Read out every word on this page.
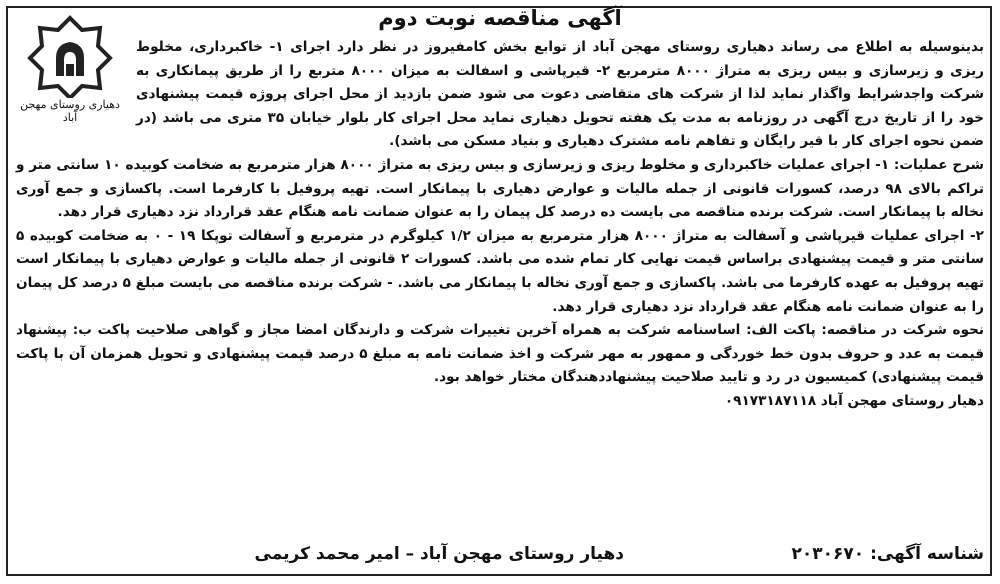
آگهی مناقصه نوبت دوم
دهیاری روستای مهجن آباد

بدینوسیله به اطلاع می رساند دهیاری روستای مهجن آباد از توابع بخش کامفیروز در نظر دارد اجرای ۱- خاکبرداری، مخلوط ریزی و زیرسازی و بیس ریزی به متراژ ۸۰۰۰ مترمربع ۲- قیرپاشی و اسفالت به میزان ۸۰۰۰ متربع را از طریق پیمانکاری به شرکت واجدشرایط واگذار نماید لذا از شرکت های متقاضی دعوت می شود ضمن بازدید از محل اجرای پروژه قیمت پیشنهادی خود را از تاریخ درج آگهی در روزنامه به مدت یک هفته تحویل دهیاری نماید محل اجرای کار بلوار خیابان ۳۵ متری می باشد (در ضمن نحوه اجرای کار با قیر رایگان و تفاهم نامه مشترک دهیاری و بنیاد مسکن می باشد).

شرح عملیات: ۱- اجرای عملیات خاکبرداری و مخلوط ریزی و زیرسازی و بیس ریزی به متراژ ۸۰۰۰ هزار مترمربع به ضخامت کوبیده ۱۰ سانتی متر و تراکم بالای ۹۸ درصد، کسورات قانونی از جمله مالیات و عوارض دهیاری با پیمانکار است. تهیه پروفیل با کارفرما است. پاکسازی و جمع آوری نخاله با پیمانکار است. شرکت برنده مناقصه می بایست ده درصد کل پیمان را به عنوان ضمانت نامه هنگام عقد قرارداد نزد دهیاری قرار دهد.

۲- اجرای عملیات قیرپاشی و آسفالت به متراژ ۸۰۰۰ هزار مترمربع به میزان ۱/۲ کیلوگرم در مترمربع و آسفالت توپکا ۱۹ - ۰ به ضخامت کوبیده ۵ سانتی متر و قیمت پیشنهادی براساس قیمت نهایی کار تمام شده می باشد. کسورات ۲ قانونی از جمله مالیات و عوارض دهیاری با پیمانکار است تهیه پروفیل به عهده کارفرما می باشد. پاکسازی و جمع آوری نخاله با پیمانکار می باشد. - شرکت برنده مناقصه می بایست مبلغ ۵ درصد کل پیمان را به عنوان ضمانت نامه هنگام عقد قرارداد نزد دهیاری قرار دهد.

نحوه شرکت در مناقصه: پاکت الف: اساسنامه شرکت به همراه آخرین تغییرات شرکت و دارندگان امضا مجاز و گواهی صلاحیت پاکت ب: پیشنهاد قیمت به عدد و حروف بدون خط خوردگی و ممهور به مهر شرکت و اخذ ضمانت نامه به مبلغ ۵ درصد قیمت پیشنهادی و تحویل همزمان آن با پاکت قیمت پیشنهادی) کمیسیون در رد و تایید صلاحیت پیشنهاددهندگان مختار خواهد بود.

دهیار روستای مهجن آباد ۰۹۱۷۳۱۸۷۱۱۸

شناسه آگهی: ۲۰۳۰۶۷۰
دهیار روستای مهجن آباد – امیر محمد کریمی
